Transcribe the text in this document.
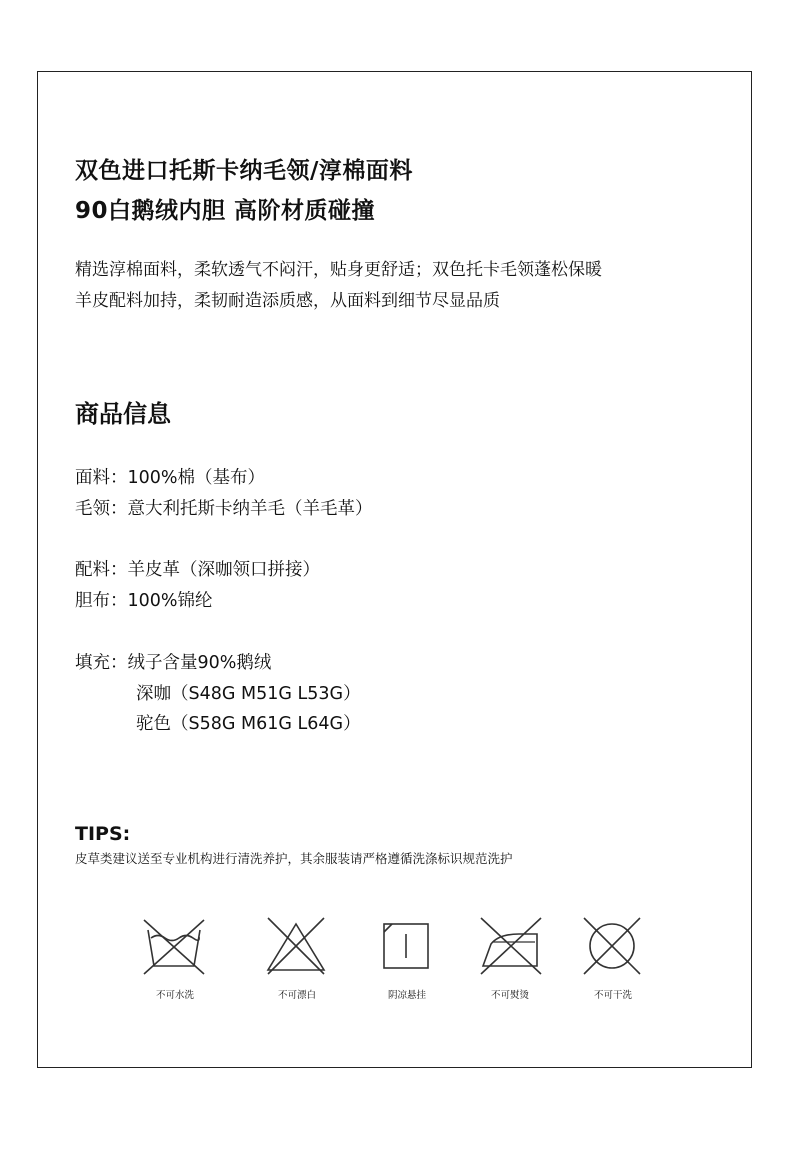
双色进口托斯卡纳毛领/淳棉面料
90白鹅绒内胆 高阶材质碰撞
精选淳棉面料，柔软透气不闷汗，贴身更舒适；双色托卡毛领蓬松保暖
羊皮配料加持，柔韧耐造添质感，从面料到细节尽显品质
商品信息
面料：100%棉（基布）
毛领：意大利托斯卡纳羊毛（羊毛革）
配料：羊皮革（深咖领口拼接）
胆布：100%锦纶
填充：绒子含量90%鹅绒
深咖（S48G M51G L53G）
驼色（S58G M61G L64G）
TIPS:
皮草类建议送至专业机构进行清洗养护，其余服装请严格遵循洗涤标识规范洗护
不可水洗	不可漂白	阴凉悬挂	不可熨烫	不可干洗
